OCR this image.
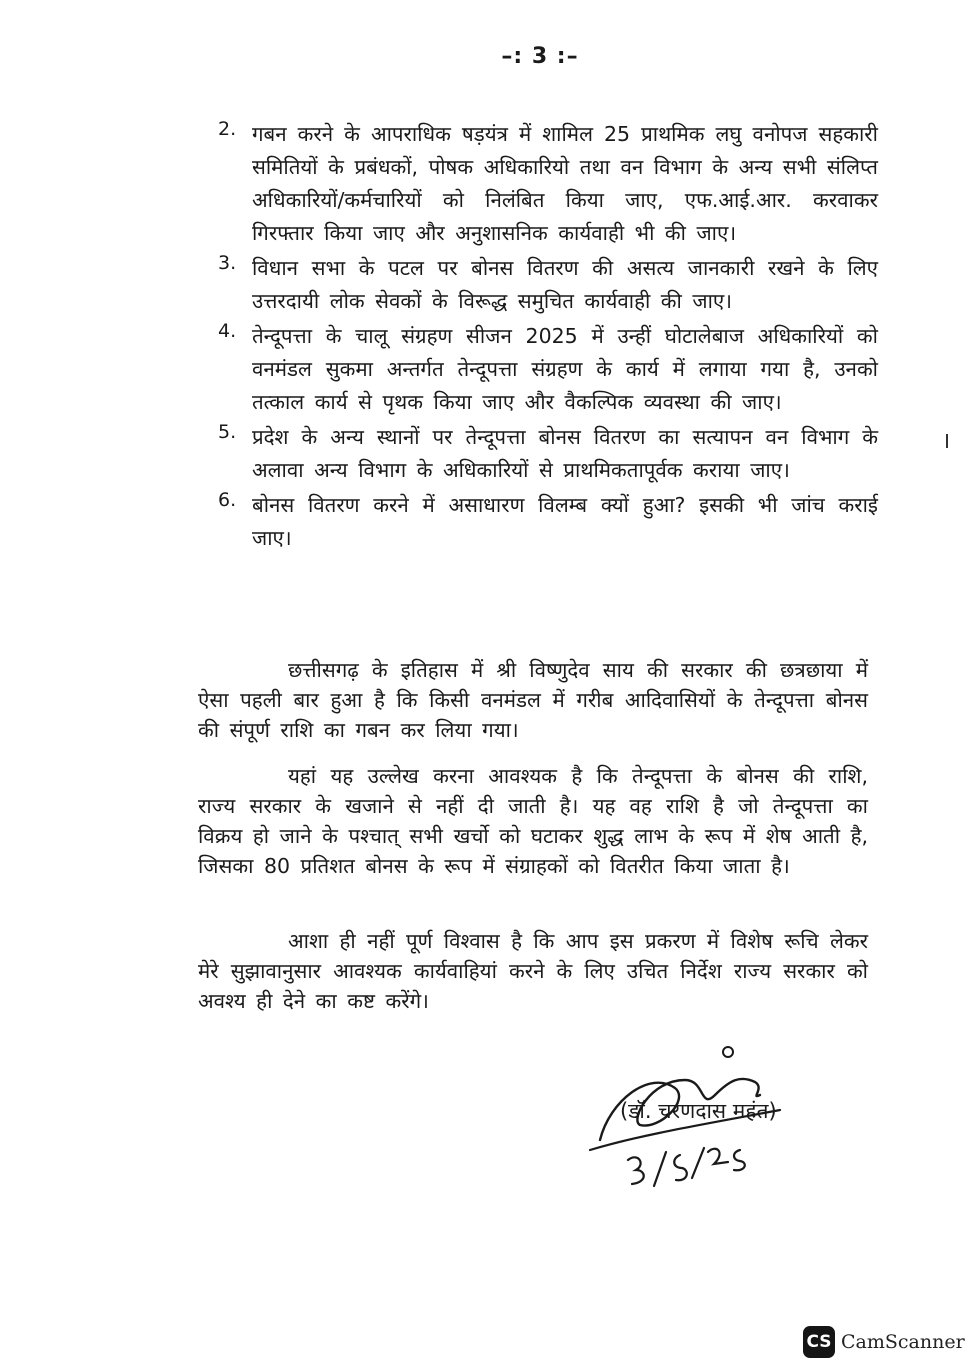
–: 3 :–
2. गबन करने के आपराधिक षड़यंत्र में शामिल 25 प्राथमिक लघु वनोपज सहकारी समितियों के प्रबंधकों, पोषक अधिकारियो तथा वन विभाग के अन्य सभी संलिप्त अधिकारियों/कर्मचारियों को निलंबित किया जाए, एफ.आई.आर. करवाकर गिरफ्तार किया जाए और अनुशासनिक कार्यवाही भी की जाए।
3. विधान सभा के पटल पर बोनस वितरण की असत्य जानकारी रखने के लिए उत्तरदायी लोक सेवकों के विरूद्ध समुचित कार्यवाही की जाए।
4. तेन्दूपत्ता के चालू संग्रहण सीजन 2025 में उन्हीं घोटालेबाज अधिकारियों को वनमंडल सुकमा अन्तर्गत तेन्दूपत्ता संग्रहण के कार्य में लगाया गया है, उनको तत्काल कार्य से पृथक किया जाए और वैकल्पिक व्यवस्था की जाए।
5. प्रदेश के अन्य स्थानों पर तेन्दूपत्ता बोनस वितरण का सत्यापन वन विभाग के अलावा अन्य विभाग के अधिकारियों से प्राथमिकतापूर्वक कराया जाए।
6. बोनस वितरण करने में असाधारण विलम्ब क्यों हुआ? इसकी भी जांच कराई जाए।
छत्तीसगढ़ के इतिहास में श्री विष्णुदेव साय की सरकार की छत्रछाया में ऐसा पहली बार हुआ है कि किसी वनमंडल में गरीब आदिवासियों के तेन्दूपत्ता बोनस की संपूर्ण राशि का गबन कर लिया गया।
यहां यह उल्लेख करना आवश्यक है कि तेन्दूपत्ता के बोनस की राशि, राज्य सरकार के खजाने से नहीं दी जाती है। यह वह राशि है जो तेन्दूपत्ता का विक्रय हो जाने के पश्चात् सभी खर्चो को घटाकर शुद्ध लाभ के रूप में शेष आती है, जिसका 80 प्रतिशत बोनस के रूप में संग्राहकों को वितरीत किया जाता है।
आशा ही नहीं पूर्ण विश्वास है कि आप इस प्रकरण में विशेष रूचि लेकर मेरे सुझावानुसार आवश्यक कार्यवाहियां करने के लिए उचित निर्देश राज्य सरकार को अवश्य ही देने का कष्ट करेंगे।
(डॉ. चरणदास महंत)
CS CamScanner
